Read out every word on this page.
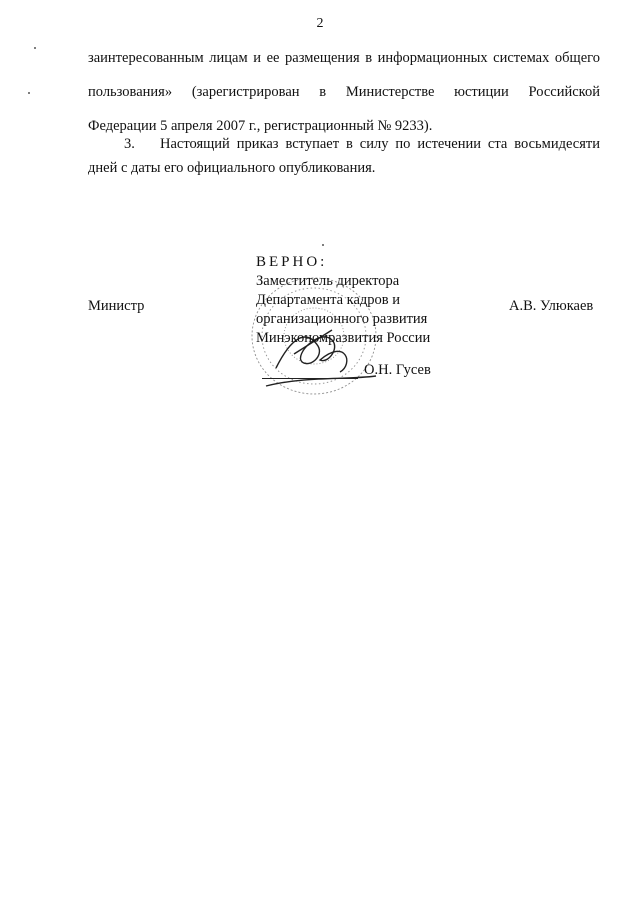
2
заинтересованным лицам и ее размещения в информационных системах общего
пользования» (зарегистрирован в Министерстве юстиции Российской
Федерации 5 апреля 2007 г., регистрационный № 9233).
3. Настоящий приказ вступает в силу по истечении ста восьмидесяти
дней с даты его официального опубликования.
Министр	А.В. Улюкаев
ВЕРНО:
Заместитель директора
Департамента кадров и
организационного развития
Минэкономразвития России
О.Н. Гусев
